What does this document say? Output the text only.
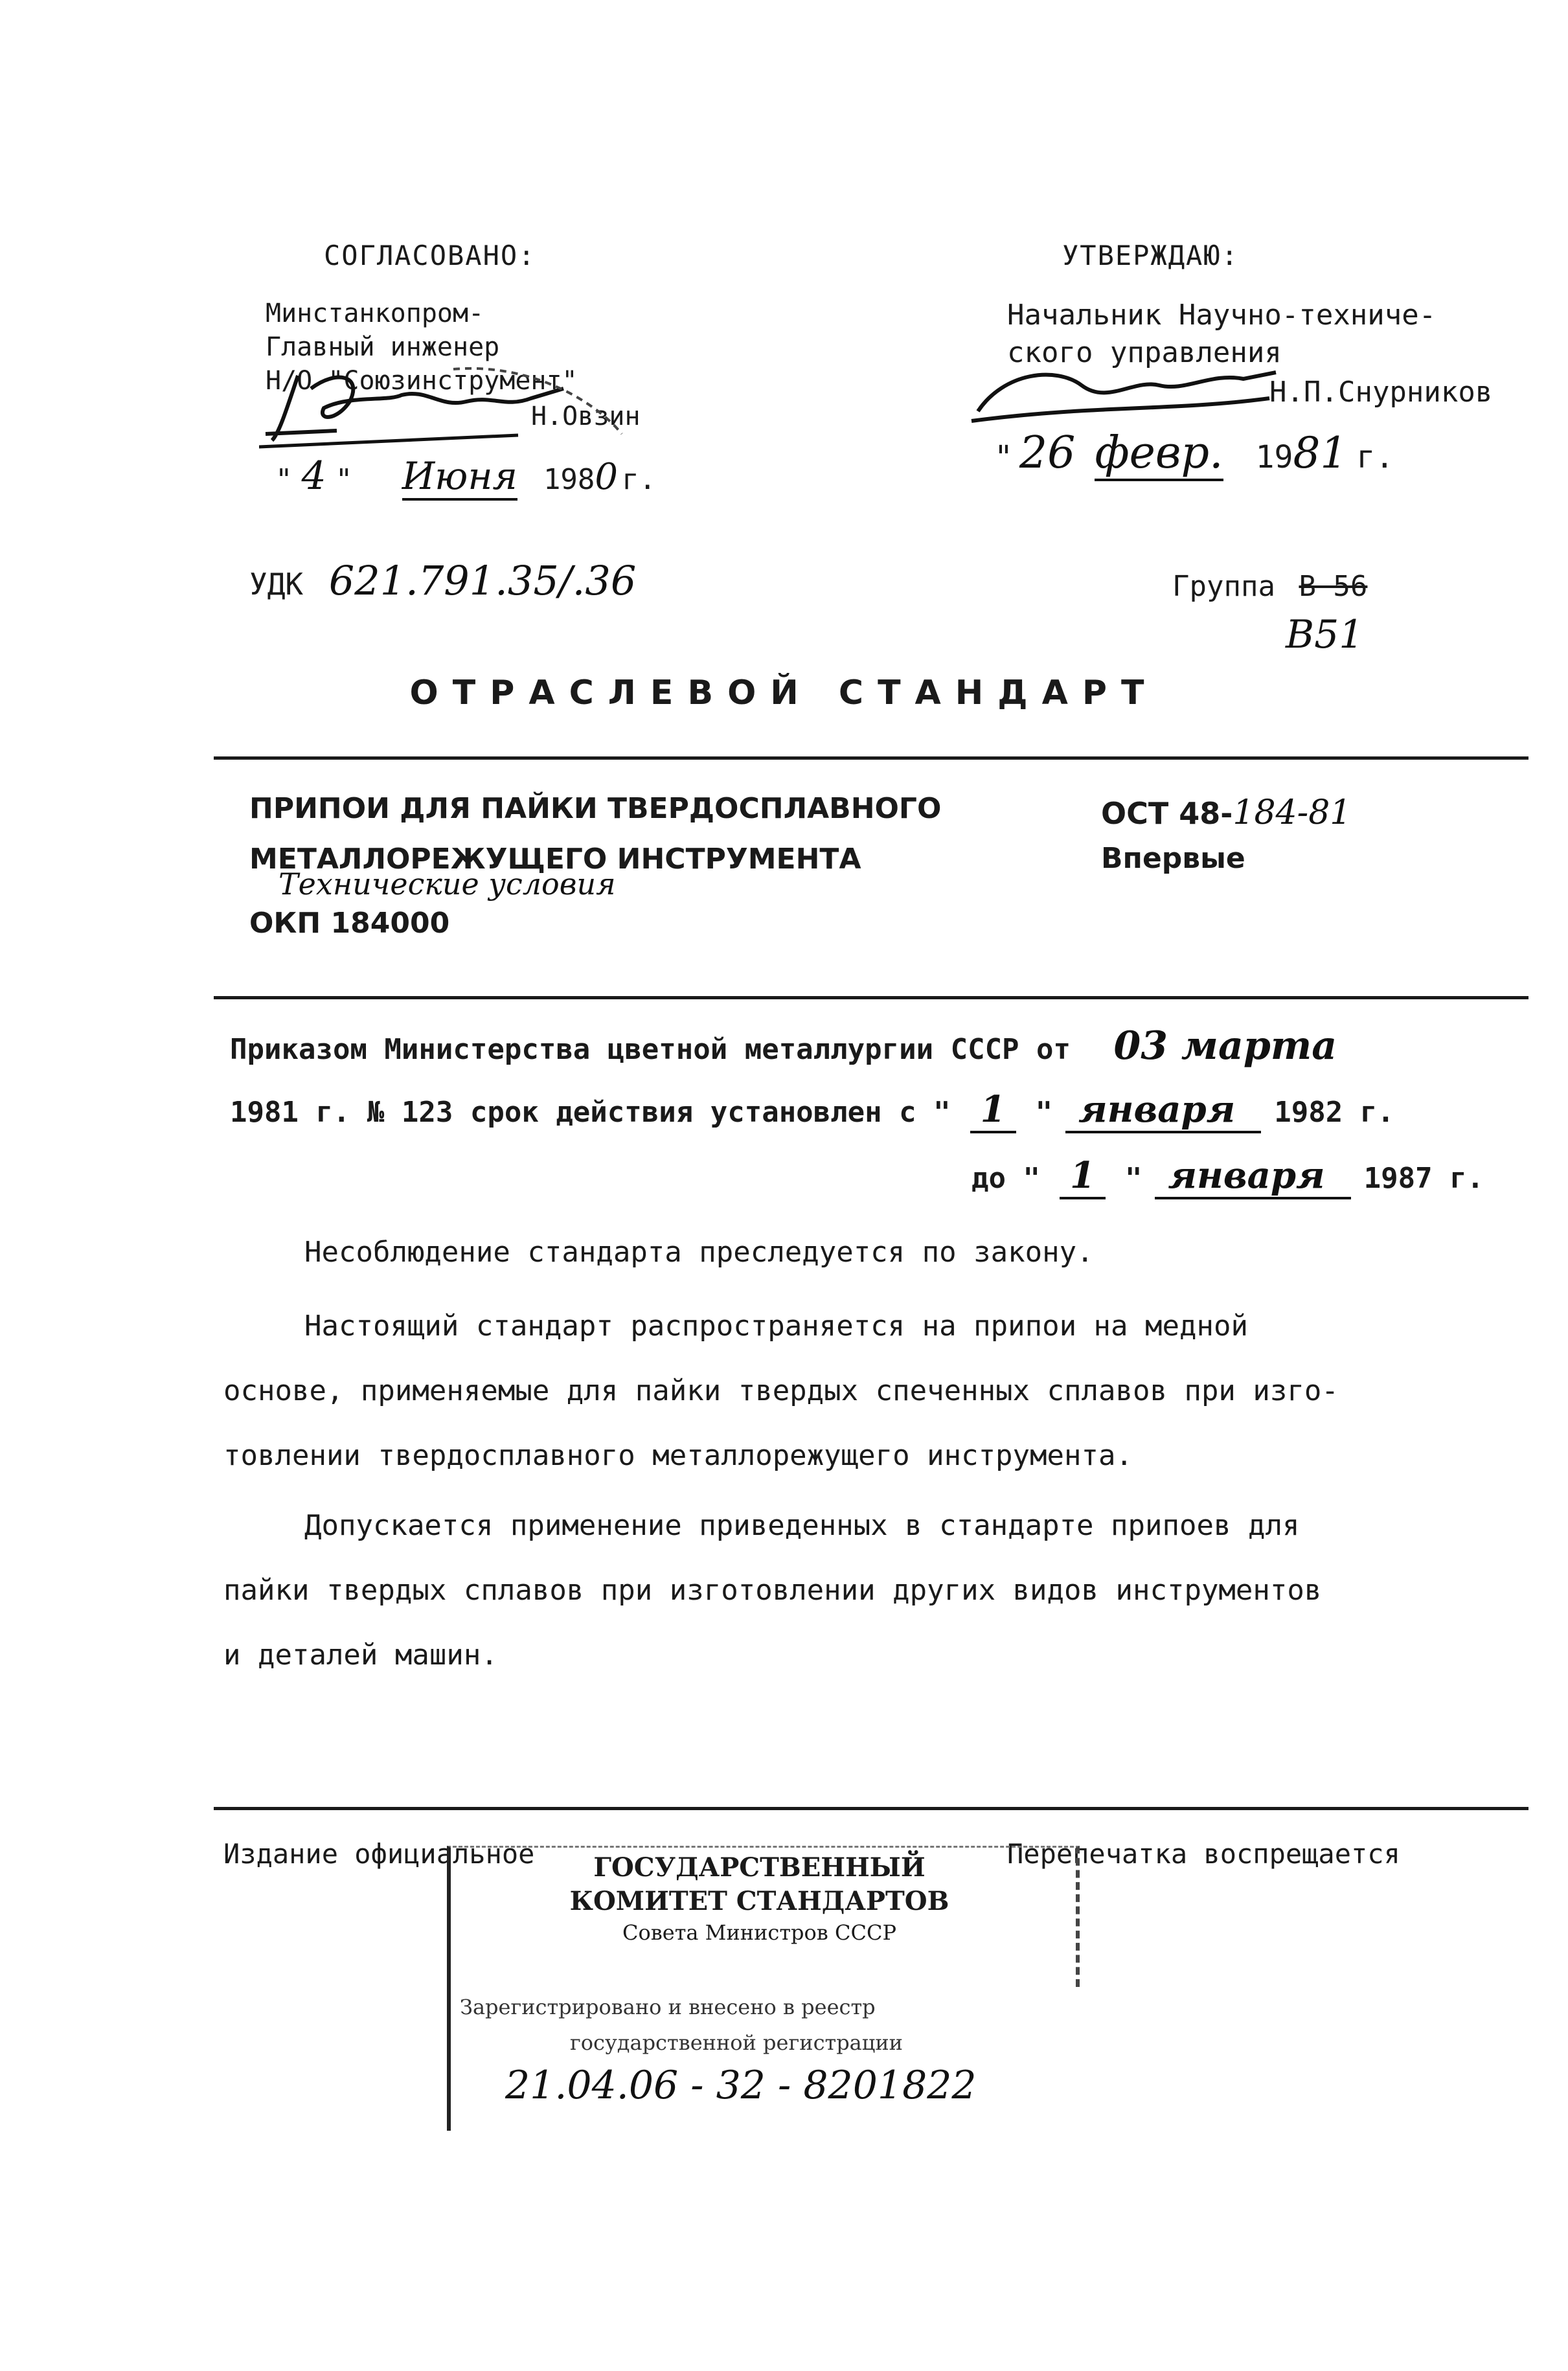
СОГЛАСОВАНО:
Минстанкопром-
Главный инженер
Н/О "Союзинструмент"
Н.Овзин
" 4 " Июня 1980 г.
УТВЕРЖДАЮ:
Начальник Научно-техниче-
ского управления
Н.П.Снурников
" 26 февр. 1981 г.
УДК 621.791.35/.36	Группа В 56
В51
ОТРАСЛЕВОЙ СТАНДАРТ
ПРИПОИ ДЛЯ ПАЙКИ ТВЕРДОСПЛАВНОГО
МЕТАЛЛОРЕЖУЩЕГО ИНСТРУМЕНТА
Технические условия
ОКП 184000
ОСТ 48-184-81
Впервые
Приказом Министерства цветной металлургии СССР от 03 марта
1981 г. № 123 срок действия установлен с " 1 " января 1982 г.
до " 1 " января 1987 г.
Несоблюдение стандарта преследуется по закону.
Настоящий стандарт распространяется на припои на медной
основе, применяемые для пайки твердых спеченных сплавов при изго-
товлении твердосплавного металлорежущего инструмента.
Допускается применение приведенных в стандарте припоев для
пайки твердых сплавов при изготовлении других видов инструментов
и деталей машин.
Издание официальное	Перепечатка воспрещается
ГОСУДАРСТВЕННЫЙ
КОМИТЕТ СТАНДАРТОВ
Совета Министров СССР
Зарегистрировано и внесено в реестр
государственной регистрации
21.04.06 - 32 - 8201822
